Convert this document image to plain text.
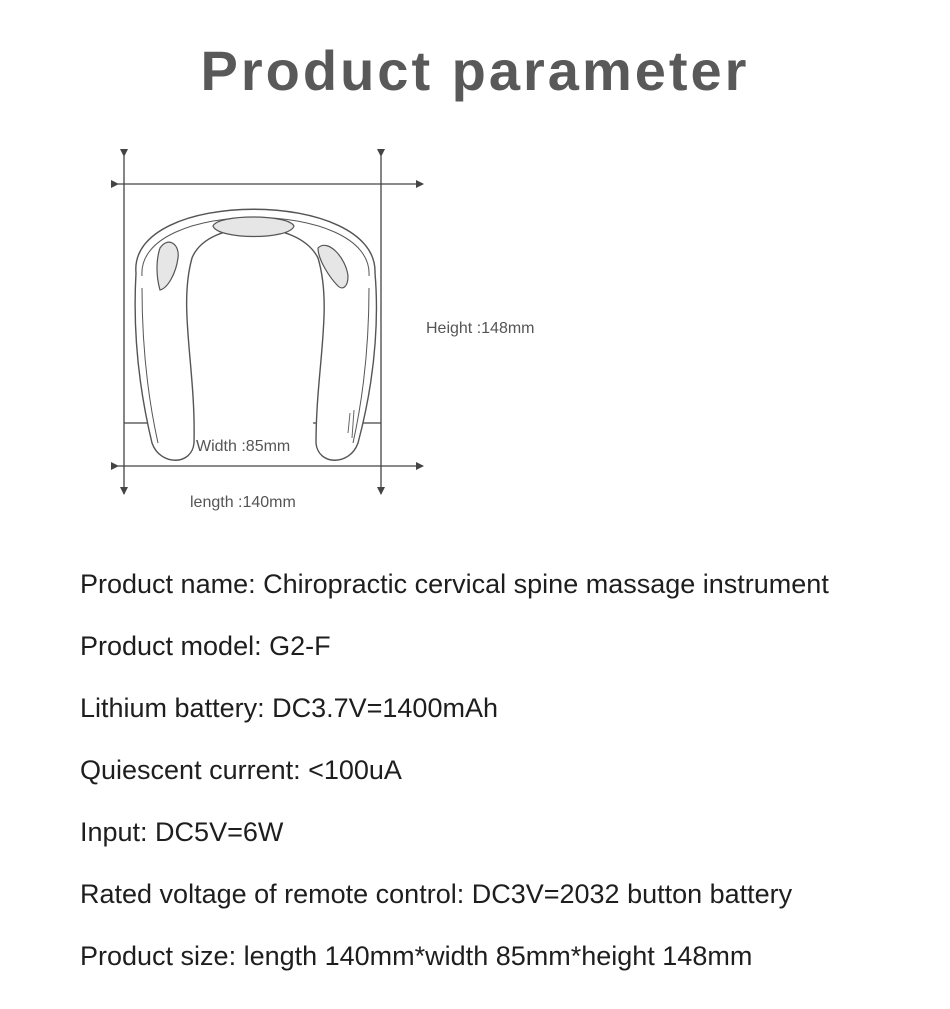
Product parameter
Height :148mm
Width :85mm
length :140mm
Product name: Chiropractic cervical spine massage instrument
Product model: G2-F
Lithium battery: DC3.7V=1400mAh
Quiescent current: <100uA
Input: DC5V=6W
Rated voltage of remote control: DC3V=2032 button battery
Product size: length 140mm*width 85mm*height 148mm
